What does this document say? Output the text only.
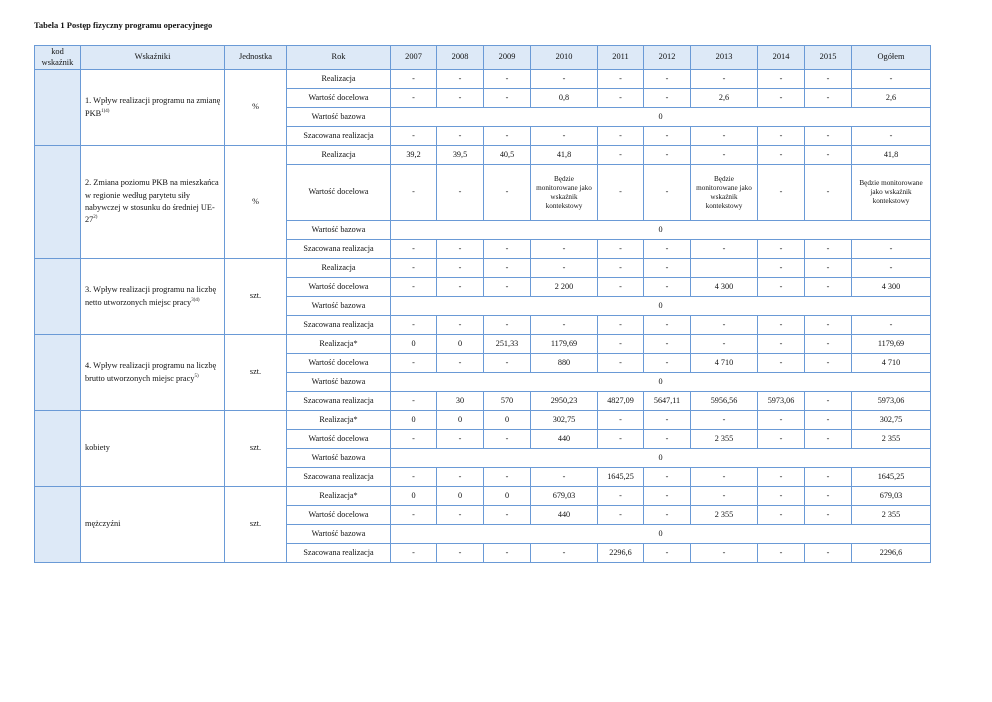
Tabela 1 Postęp fizyczny programu operacyjnego
kod wskaźnik	Wskaźniki	Jednostka	Rok	2007	2008	2009	2010	2011	2012	2013	2014	2015	Ogółem
	1. Wpływ realizacji programu na zmianę $PKB^{1)4)}$	%	Realizacja	-	-	-	-	-	-	-	-	-	-
			Wartość docelowa	-	-	-	0,8	-	-	2,6	-	-	2,6
			Wartość bazowa	0									
			Szacowana realizacja	-	-	-	-	-	-	-	-	-	-
	2. Zmiana poziomu PKB na mieszkańca w regionie według parytetu siły nabywczej w stosunku do średniej UE-27$^{2)}$	%	Realizacja	39,2	39,5	40,5	41,8	-	-	-	-	-	41,8
			Wartość docelowa	-	-	-	Będzie monitorowane jako wskaźnik kontekstowy	-	-	Będzie monitorowane jako wskaźnik kontekstowy	-	-	Będzie monitorowane jako wskaźnik kontekstowy
			Wartość bazowa	0									
			Szacowana realizacja	-	-	-	-	-	-	-	-	-	-
	3. Wpływ realizacji programu na liczbę netto utworzonych miejsc pracy$^{3)4)}$	szt.	Realizacja	-	-	-	-	-	-		-	-	-
			Wartość docelowa	-	-	-	2 200	-	-	4 300	-	-	4 300
			Wartość bazowa	0									
			Szacowana realizacja	-	-	-	-	-	-	-	-	-	-
	4. Wpływ realizacji programu na liczbę brutto utworzonych miejsc pracy$^{5)}$	szt.	Realizacja*	0	0	251,33	1179,69	-	-	-	-	-	1179,69
			Wartość docelowa	-	-	-	880	-	-	4 710	-	-	4 710
			Wartość bazowa	0									
			Szacowana realizacja	-	30	570	2950,23	4827,09	5647,11	5956,56	5973,06	-	5973,06
	kobiety	szt.	Realizacja*	0	0	0	302,75	-	-	-	-	-	302,75
			Wartość docelowa	-	-	-	440	-	-	2 355	-	-	2 355
			Wartość bazowa	0									
			Szacowana realizacja	-	-	-	-	1645,25	-	-	-	-	1645,25
	mężczyźni	szt.	Realizacja*	0	0	0	679,03	-	-	-	-	-	679,03
			Wartość docelowa	-	-	-	440	-	-	2 355	-	-	2 355
			Wartość bazowa	0									
			Szacowana realizacja	-	-	-	-	2296,6	-	-	-	-	2296,6
